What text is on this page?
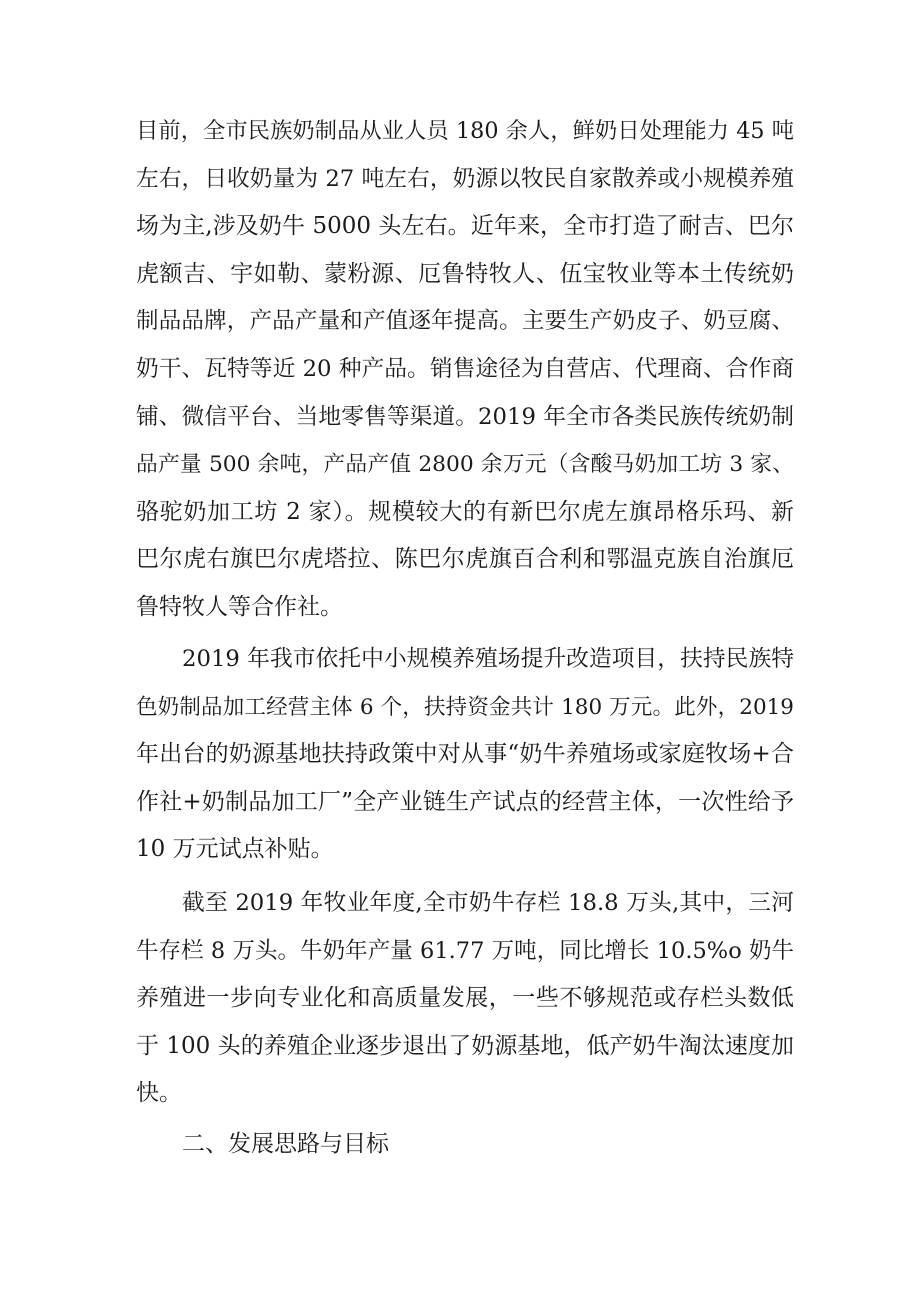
目前，全市民族奶制品从业人员 180 余人，鲜奶日处理能力 45 吨
左右，日收奶量为 27 吨左右，奶源以牧民自家散养或小规模养殖
场为主,涉及奶牛 5000 头左右。近年来，全市打造了耐吉、巴尔
虎额吉、宇如勒、蒙粉源、厄鲁特牧人、伍宝牧业等本土传统奶
制品品牌，产品产量和产值逐年提高。主要生产奶皮子、奶豆腐、
奶干、瓦特等近 20 种产品。销售途径为自营店、代理商、合作商
铺、微信平台、当地零售等渠道。2019 年全市各类民族传统奶制
品产量 500 余吨，产品产值 2800 余万元（含酸马奶加工坊 3 家、
骆驼奶加工坊 2 家）。规模较大的有新巴尔虎左旗昂格乐玛、新
巴尔虎右旗巴尔虎塔拉、陈巴尔虎旗百合利和鄂温克族自治旗厄
鲁特牧人等合作社。
2019 年我市依托中小规模养殖场提升改造项目，扶持民族特
色奶制品加工经营主体 6 个，扶持资金共计 180 万元。此外，2019
年出台的奶源基地扶持政策中对从事“奶牛养殖场或家庭牧场+合
作社+奶制品加工厂”全产业链生产试点的经营主体，一次性给予
10 万元试点补贴。
截至 2019 年牧业年度,全市奶牛存栏 18.8 万头,其中，三河
牛存栏 8 万头。牛奶年产量 61.77 万吨，同比增长 10.5%o 奶牛
养殖进一步向专业化和高质量发展，一些不够规范或存栏头数低
于 100 头的养殖企业逐步退出了奶源基地，低产奶牛淘汰速度加
快。
二、发展思路与目标
